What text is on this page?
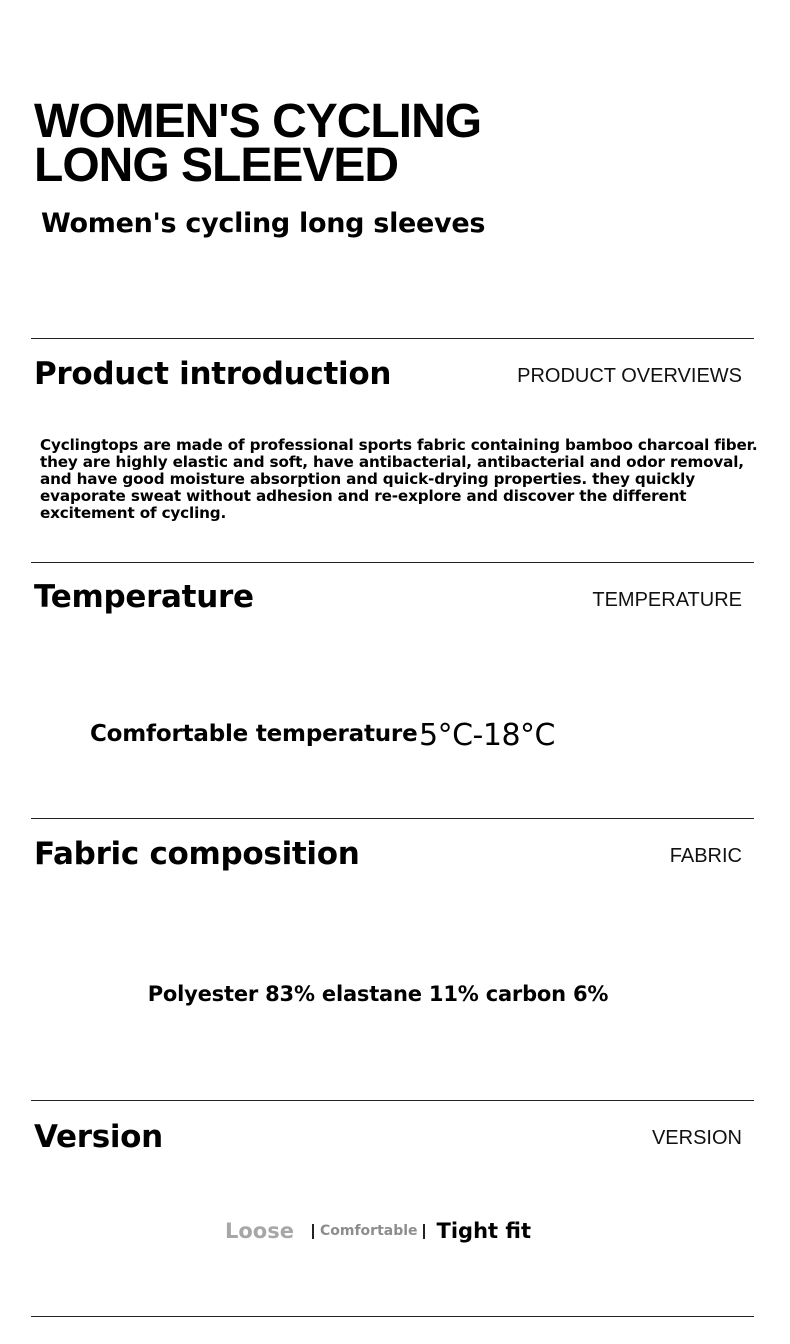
WOMEN'S CYCLING
LONG SLEEVED
Women's cycling long sleeves
Product introduction	PRODUCT OVERVIEWS

Cyclingtops are made of professional sports fabric containing bamboo charcoal fiber. they are highly elastic and soft, have antibacterial, antibacterial and odor removal, and have good moisture absorption and quick-drying properties. they quickly evaporate sweat without adhesion and re-explore and discover the different excitement of cycling.

Temperature	TEMPERATURE
Comfortable temperature 5°C-18°C
Fabric composition	FABRIC
Polyester 83% elastane 11% carbon 6%
Version	VERSION
Loose Comfortable Tight fit
